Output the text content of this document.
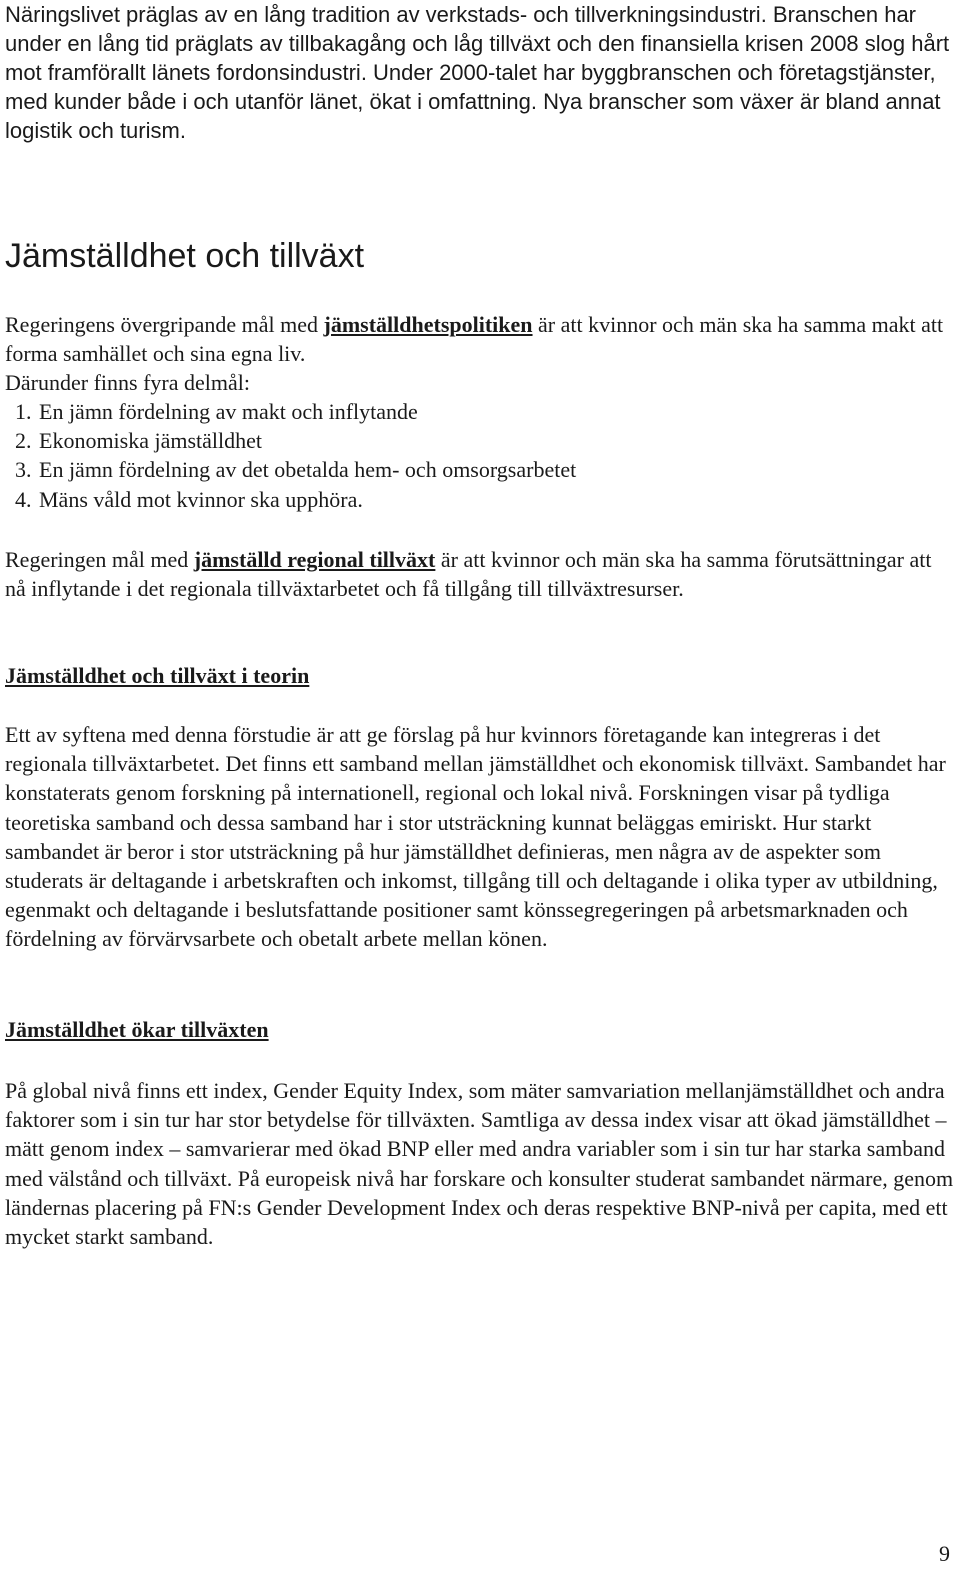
Näringslivet präglas av en lång tradition av verkstads- och tillverkningsindustri. Branschen har under en lång tid präglats av tillbakagång och låg tillväxt och den finansiella krisen 2008 slog hårt mot framförallt länets fordonsindustri. Under 2000-talet har byggbranschen och företagstjänster, med kunder både i och utanför länet, ökat i omfattning. Nya branscher som växer är bland annat logistik och turism.

Jämställdhet och tillväxt
Regeringens övergripande mål med jämställdhetspolitiken är att kvinnor och män ska ha samma makt att forma samhället och sina egna liv.
Därunder finns fyra delmål:
1. En jämn fördelning av makt och inflytande
2. Ekonomiska jämställdhet
3. En jämn fördelning av det obetalda hem- och omsorgsarbetet
4. Mäns våld mot kvinnor ska upphöra.
Regeringen mål med jämställd regional tillväxt är att kvinnor och män ska ha samma förutsättningar att nå inflytande i det regionala tillväxtarbetet och få tillgång till tillväxtresurser.
Jämställdhet och tillväxt i teorin

Ett av syftena med denna förstudie är att ge förslag på hur kvinnors företagande kan integreras i det regionala tillväxtarbetet. Det finns ett samband mellan jämställdhet och ekonomisk tillväxt. Sambandet har konstaterats genom forskning på internationell, regional och lokal nivå. Forskningen visar på tydliga teoretiska samband och dessa samband har i stor utsträckning kunnat beläggas emiriskt. Hur starkt sambandet är beror i stor utsträckning på hur jämställdhet definieras, men några av de aspekter som studerats är deltagande i arbetskraften och inkomst, tillgång till och deltagande i olika typer av utbildning, egenmakt och deltagande i beslutsfattande positioner samt könssegregeringen på arbetsmarknaden och fördelning av förvärvsarbete och obetalt arbete mellan könen.

Jämställdhet ökar tillväxten

På global nivå finns ett index, Gender Equity Index, som mäter samvariation mellanjämställdhet och andra faktorer som i sin tur har stor betydelse för tillväxten. Samtliga av dessa index visar att ökad jämställdhet – mätt genom index – samvarierar med ökad BNP eller med andra variabler som i sin tur har starka samband med välstånd och tillväxt. På europeisk nivå har forskare och konsulter studerat sambandet närmare, genom ländernas placering på FN:s Gender Development Index och deras respektive BNP-nivå per capita, med ett mycket starkt samband.

9
